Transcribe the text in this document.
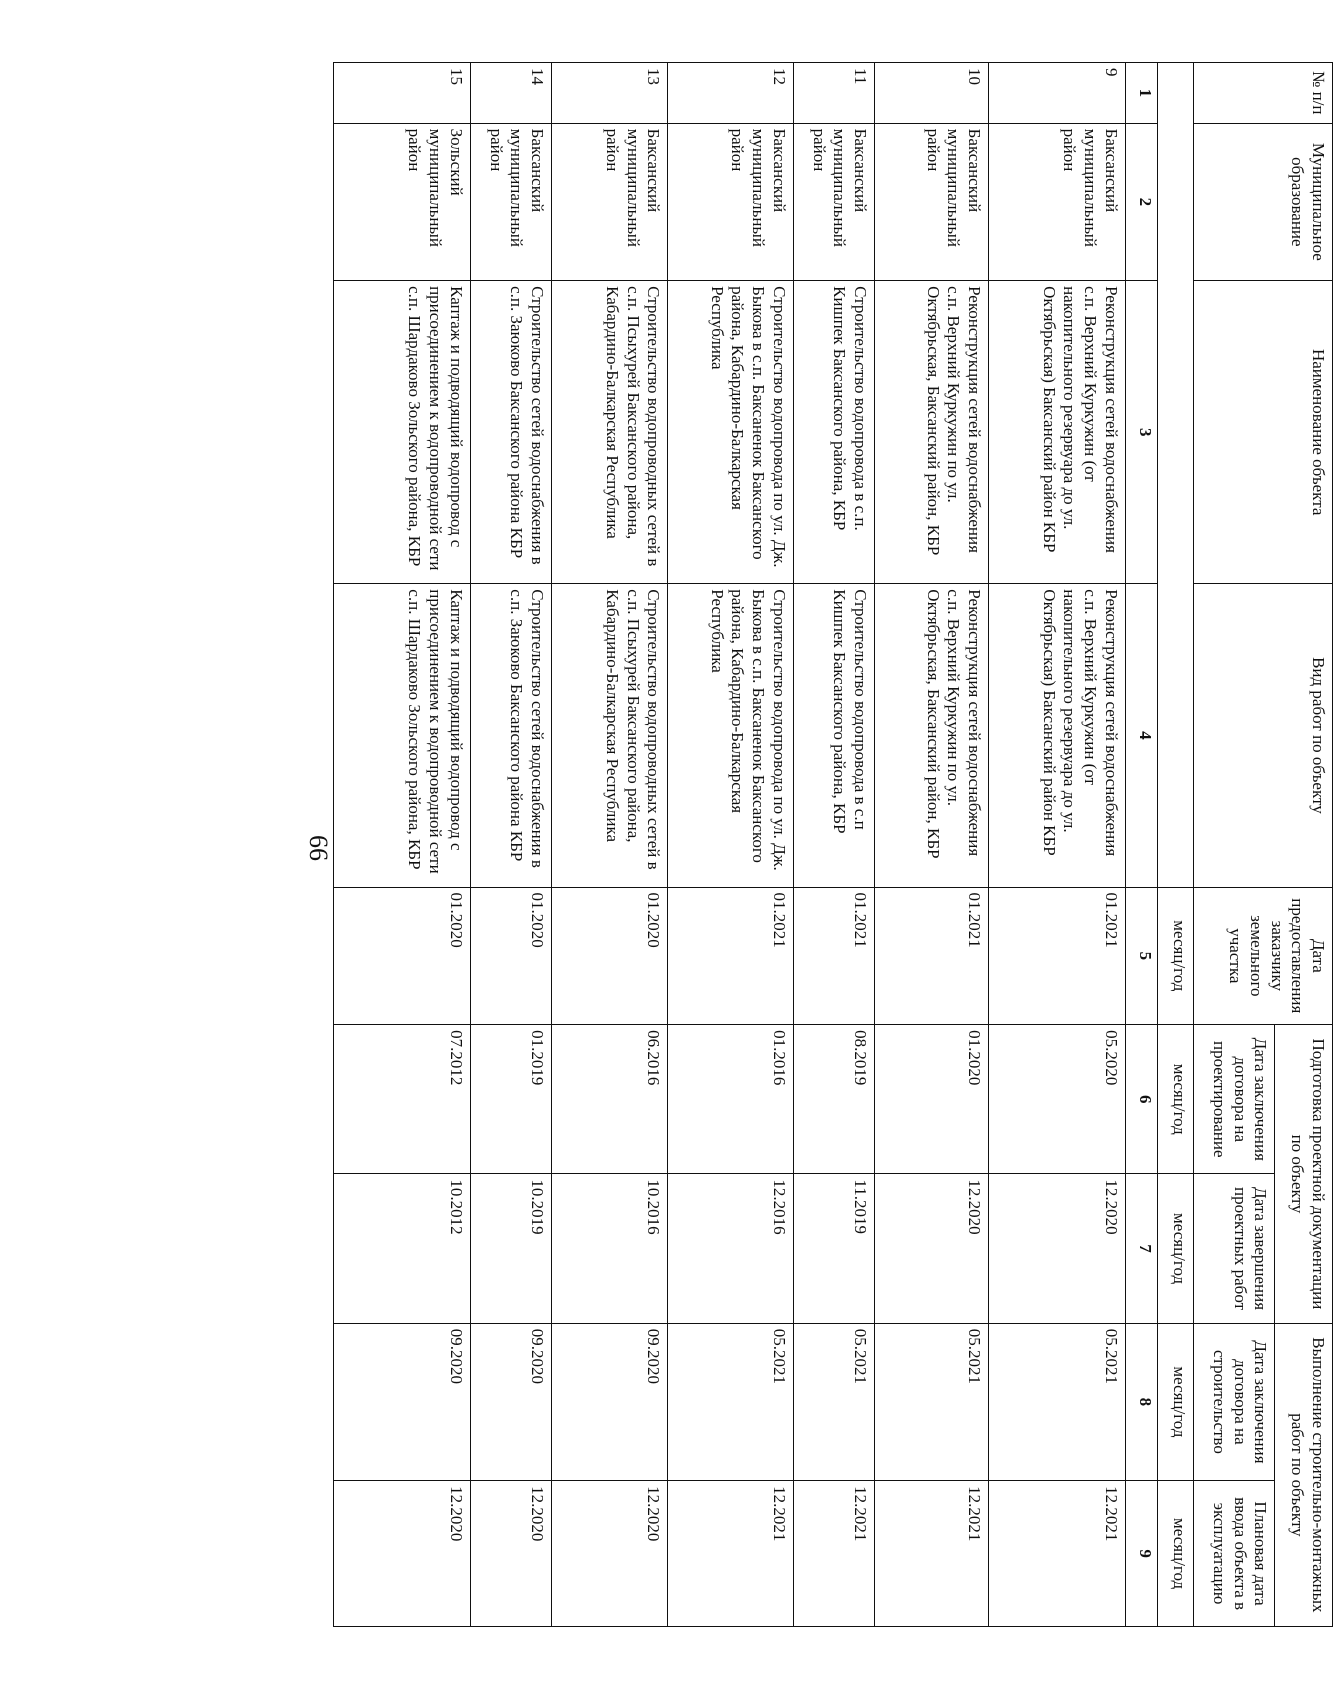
№ п/п	Муниципальное образование	Наименование объекта	Вид работ по объекту	Дата предоставления заказчику земельного участка	Подготовка проектной документации по объекту		Выполнение строительно-монтажных работ по объекту	
					Дата заключения договора на проектирование	Дата завершения проектных работ	Дата заключения договора на строительство	Плановая дата ввода объекта в эксплуатацию
				месяц/год	месяц/год	месяц/год	месяц/год	месяц/год
1	2	3	4	5	6	7	8	9
9	Баксанский муниципальный район	Реконструкция сетей водоснабжения с.п. Верхний Куркужин (от накопительного резервуара до ул. Октябрьская) Баксанский район КБР	Реконструкция сетей водоснабжения с.п. Верхний Куркужин (от накопительного резервуара до ул. Октябрьская) Баксанский район КБР	01.2021	05.2020	12.2020	05.2021	12.2021
10	Баксанский муниципальный район	Реконструкция сетей водоснабжения с.п. Верхний Куркужин по ул. Октябрьская, Баксанский район, КБР	Реконструкция сетей водоснабжения с.п. Верхний Куркужин по ул. Октябрьская, Баксанский район, КБР	01.2021	01.2020	12.2020	05.2021	12.2021
11	Баксанский муниципальный район	Строительство водопровода в с.п. Кишпек Баксанского района, КБР	Строительство водопровода в с.п Кишпек Баксанского района, КБР	01.2021	08.2019	11.2019	05.2021	12.2021
12	Баксанский муниципальный район	Строительство водопровода по ул. Дж. Быкова в с.п. Баксаненок Баксанского района, Кабардино-Балкарская Республика	Строительство водопровода по ул. Дж. Быкова в с.п. Баксаненок Баксанского района, Кабардино-Балкарская Республика	01.2021	01.2016	12.2016	05.2021	12.2021
13	Баксанский муниципальный район	Строительство водопроводных сетей в с.п. Псыхурей Баксанского района, Кабардино-Балкарская Республика	Строительство водопроводных сетей в с.п. Псыхурей Баксанского района, Кабардино-Балкарская Республика	01.2020	06.2016	10.2016	09.2020	12.2020
14	Баксанский муниципальный район	Строительство сетей водоснабжения в с.п. Заюково Баксанского района КБР	Строительство сетей водоснабжения в с.п. Заюково Баксанского района КБР	01.2020	01.2019	10.2019	09.2020	12.2020
15	Зольский муниципальный район	Каптаж и подводящий водопровод с присоединением к водопроводной сети с.п. Шардаково Зольского района, КБР	Каптаж и подводящий водопровод с присоединением к водопроводной сети с.п. Шардаково Зольского района, КБР	01.2020	07.2012	10.2012	09.2020	12.2020
66
